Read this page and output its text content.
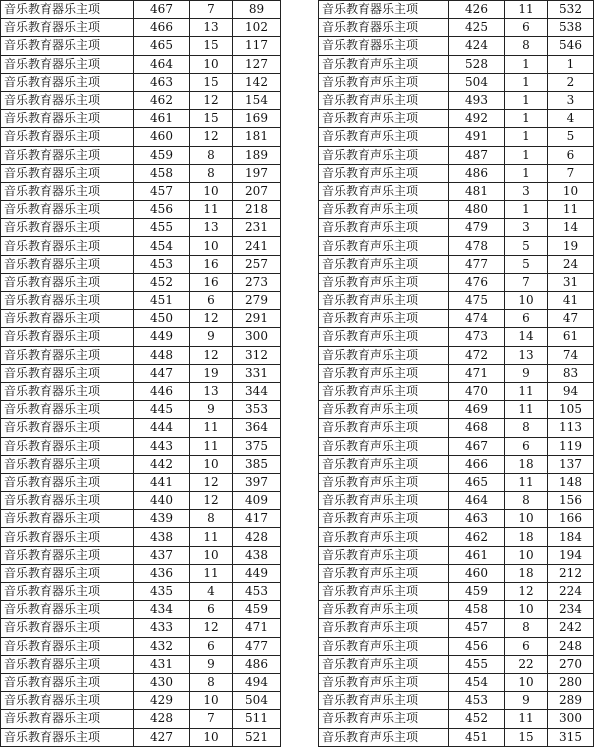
音乐教育器乐主项	467	7	89
音乐教育器乐主项	466	13	102
音乐教育器乐主项	465	15	117
音乐教育器乐主项	464	10	127
音乐教育器乐主项	463	15	142
音乐教育器乐主项	462	12	154
音乐教育器乐主项	461	15	169
音乐教育器乐主项	460	12	181
音乐教育器乐主项	459	8	189
音乐教育器乐主项	458	8	197
音乐教育器乐主项	457	10	207
音乐教育器乐主项	456	11	218
音乐教育器乐主项	455	13	231
音乐教育器乐主项	454	10	241
音乐教育器乐主项	453	16	257
音乐教育器乐主项	452	16	273
音乐教育器乐主项	451	6	279
音乐教育器乐主项	450	12	291
音乐教育器乐主项	449	9	300
音乐教育器乐主项	448	12	312
音乐教育器乐主项	447	19	331
音乐教育器乐主项	446	13	344
音乐教育器乐主项	445	9	353
音乐教育器乐主项	444	11	364
音乐教育器乐主项	443	11	375
音乐教育器乐主项	442	10	385
音乐教育器乐主项	441	12	397
音乐教育器乐主项	440	12	409
音乐教育器乐主项	439	8	417
音乐教育器乐主项	438	11	428
音乐教育器乐主项	437	10	438
音乐教育器乐主项	436	11	449
音乐教育器乐主项	435	4	453
音乐教育器乐主项	434	6	459
音乐教育器乐主项	433	12	471
音乐教育器乐主项	432	6	477
音乐教育器乐主项	431	9	486
音乐教育器乐主项	430	8	494
音乐教育器乐主项	429	10	504
音乐教育器乐主项	428	7	511
音乐教育器乐主项	427	10	521
音乐教育器乐主项	426	11	532
音乐教育器乐主项	425	6	538
音乐教育器乐主项	424	8	546
音乐教育声乐主项	528	1	1
音乐教育声乐主项	504	1	2
音乐教育声乐主项	493	1	3
音乐教育声乐主项	492	1	4
音乐教育声乐主项	491	1	5
音乐教育声乐主项	487	1	6
音乐教育声乐主项	486	1	7
音乐教育声乐主项	481	3	10
音乐教育声乐主项	480	1	11
音乐教育声乐主项	479	3	14
音乐教育声乐主项	478	5	19
音乐教育声乐主项	477	5	24
音乐教育声乐主项	476	7	31
音乐教育声乐主项	475	10	41
音乐教育声乐主项	474	6	47
音乐教育声乐主项	473	14	61
音乐教育声乐主项	472	13	74
音乐教育声乐主项	471	9	83
音乐教育声乐主项	470	11	94
音乐教育声乐主项	469	11	105
音乐教育声乐主项	468	8	113
音乐教育声乐主项	467	6	119
音乐教育声乐主项	466	18	137
音乐教育声乐主项	465	11	148
音乐教育声乐主项	464	8	156
音乐教育声乐主项	463	10	166
音乐教育声乐主项	462	18	184
音乐教育声乐主项	461	10	194
音乐教育声乐主项	460	18	212
音乐教育声乐主项	459	12	224
音乐教育声乐主项	458	10	234
音乐教育声乐主项	457	8	242
音乐教育声乐主项	456	6	248
音乐教育声乐主项	455	22	270
音乐教育声乐主项	454	10	280
音乐教育声乐主项	453	9	289
音乐教育声乐主项	452	11	300
音乐教育声乐主项	451	15	315
